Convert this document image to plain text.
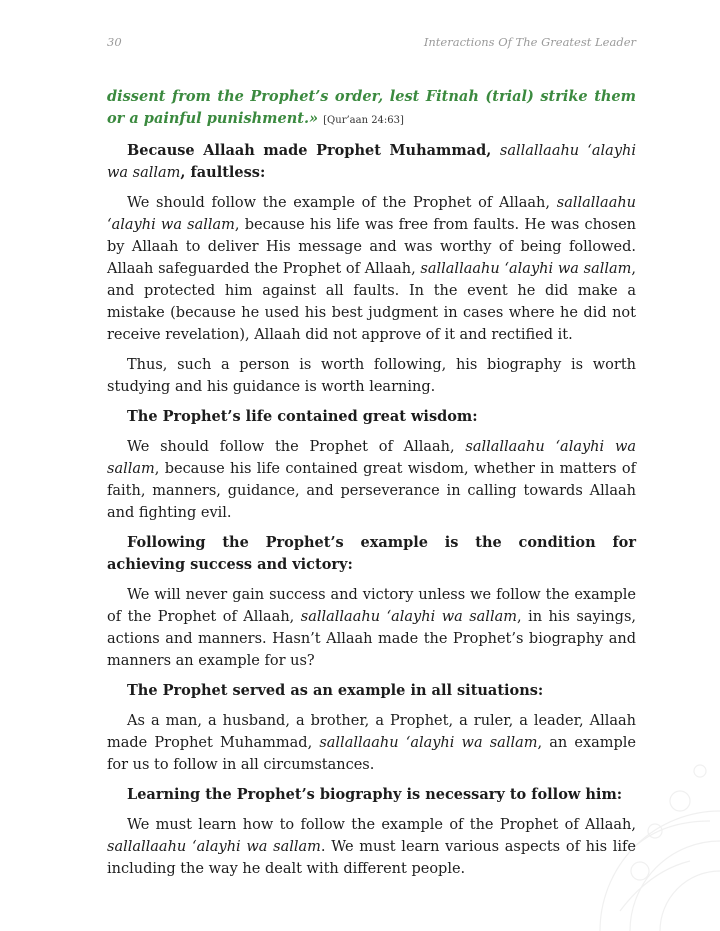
30	Interactions Of The Greatest Leader

dissent from the Prophet’s order, lest Fitnah (trial) strike them or a painful punishment.» [Qur’aan 24:63]

Because Allaah made Prophet Muhammad, sallallaahu ‘alayhi wa sallam, faultless:

We should follow the example of the Prophet of Allaah, sallallaahu ‘alayhi wa sallam, because his life was free from faults. He was chosen by Allaah to deliver His message and was worthy of being followed. Allaah safeguarded the Prophet of Allaah, sallallaahu ‘alayhi wa sallam, and protected him against all faults. In the event he did make a mistake (because he used his best judgment in cases where he did not receive revelation), Allaah did not approve of it and rectified it.

Thus, such a person is worth following, his biography is worth studying and his guidance is worth learning.

The Prophet’s life contained great wisdom:

We should follow the Prophet of Allaah, sallallaahu ‘alayhi wa sallam, because his life contained great wisdom, whether in matters of faith, manners, guidance, and perseverance in calling towards Allaah and fighting evil.

Following the Prophet’s example is the condition for achieving success and victory:

We will never gain success and victory unless we follow the example of the Prophet of Allaah, sallallaahu ‘alayhi wa sallam, in his sayings, actions and manners. Hasn’t Allaah made the Prophet’s biography and manners an example for us?

The Prophet served as an example in all situations:

As a man, a husband, a brother, a Prophet, a ruler, a leader, Allaah made Prophet Muhammad, sallallaahu ‘alayhi wa sallam, an example for us to follow in all circumstances.

Learning the Prophet’s biography is necessary to follow him:

We must learn how to follow the example of the Prophet of Allaah, sallallaahu ‘alayhi wa sallam. We must learn various aspects of his life including the way he dealt with different people.
